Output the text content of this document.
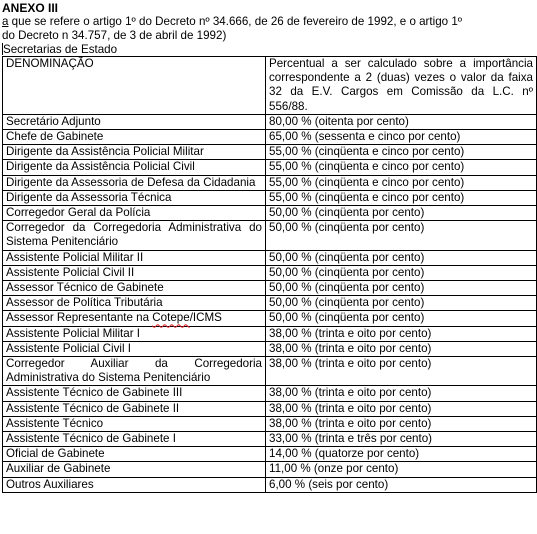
ANEXO III
a que se refere o artigo 1º do Decreto nº 34.666, de 26 de fevereiro de 1992, e o artigo 1º
do Decreto n 34.757, de 3 de abril de 1992)
Secretarias de Estado
DENOMINAÇÃO	Percentual a ser calculado sobre a importância correspondente a 2 (duas) vezes o valor da faixa 32 da E.V. Cargos em Comissão da L.C. nº 556/88.
Secretário Adjunto	80,00 % (oitenta por cento)
Chefe de Gabinete	65,00 % (sessenta e cinco por cento)
Dirigente da Assistência Policial Militar	55,00 % (cinqüenta e cinco por cento)
Dirigente da Assistência Policial Civil	55,00 % (cinqüenta e cinco por cento)
Dirigente da Assessoria de Defesa da Cidadania	55,00 % (cinqüenta e cinco por cento)
Dirigente da Assessoria Técnica	55,00 % (cinqüenta e cinco por cento)
Corregedor Geral da Polícia	50,00 % (cinqüenta por cento)
Corregedor da Corregedoria Administrativa do Sistema Penitenciário	50,00 % (cinqüenta por cento)
Assistente Policial Militar II	50,00 % (cinqüenta por cento)
Assistente Policial Civil II	50,00 % (cinqüenta por cento)
Assessor Técnico de Gabinete	50,00 % (cinqüenta por cento)
Assessor de Política Tributária	50,00 % (cinqüenta por cento)
Assessor Representante na Cotepe/ICMS	50,00 % (cinqüenta por cento)
Assistente Policial Militar I	38,00 % (trinta e oito por cento)
Assistente Policial Civil I	38,00 % (trinta e oito por cento)
Corregedor Auxiliar da Corregedoria Administrativa do Sistema Penitenciário	38,00 % (trinta e oito por cento)
Assistente Técnico de Gabinete III	38,00 % (trinta e oito por cento)
Assistente Técnico de Gabinete II	38,00 % (trinta e oito por cento)
Assistente Técnico	38,00 % (trinta e oito por cento)
Assistente Técnico de Gabinete I	33,00 % (trinta e três por cento)
Oficial de Gabinete	14,00 % (quatorze por cento)
Auxiliar de Gabinete	11,00 % (onze por cento)
Outros Auxiliares	6,00 % (seis por cento)
